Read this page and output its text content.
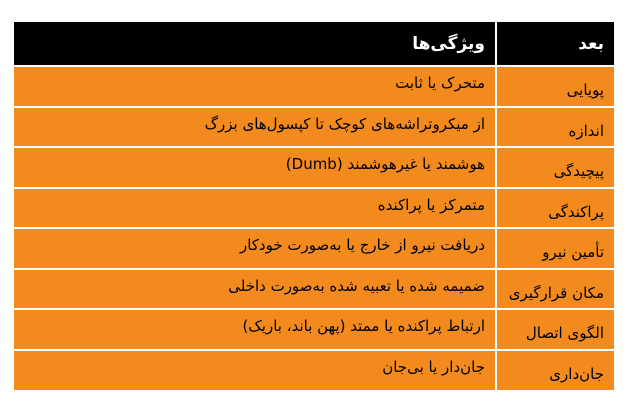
بعد	ویژگی‌ها
پویایی	متحرک یا ثابت
اندازه	از میکروتراشه‌های کوچک تا کپسول‌های بزرگ
پیچیدگی	هوشمند یا غیرهوشمند (Dumb)
پراکندگی	متمرکز یا پراکنده
تأمین نیرو	دریافت نیرو از خارج یا به‌صورت خودکار
مکان قرارگیری	ضمیمه شده یا تعبیه شده به‌صورت داخلی
الگوی اتصال	ارتباط پراکنده یا ممتد (پهن باند، باریک)
جان‌داری	جان‌دار یا بی‌جان
